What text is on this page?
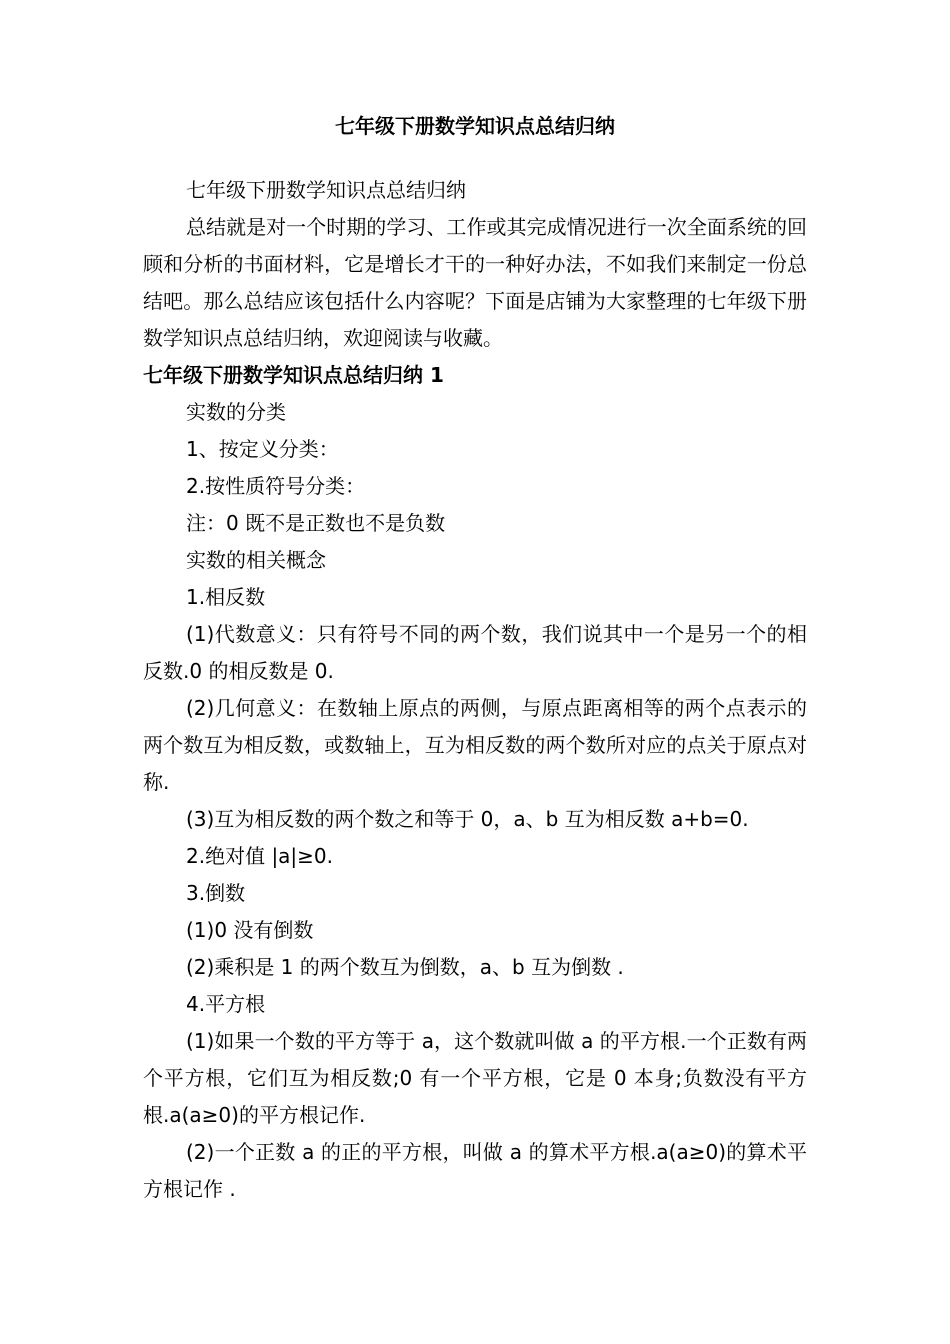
七年级下册数学知识点总结归纳

七年级下册数学知识点总结归纳

总结就是对一个时期的学习、工作或其完成情况进行一次全面系统的回顾和分析的书面材料，它是增长才干的一种好办法，不如我们来制定一份总结吧。那么总结应该包括什么内容呢？下面是店铺为大家整理的七年级下册数学知识点总结归纳，欢迎阅读与收藏。

七年级下册数学知识点总结归纳 1

实数的分类

1、按定义分类：

2.按性质符号分类：

注：0 既不是正数也不是负数

实数的相关概念

1.相反数

(1)代数意义：只有符号不同的两个数，我们说其中一个是另一个的相反数.0 的相反数是 0.

(2)几何意义：在数轴上原点的两侧，与原点距离相等的两个点表示的两个数互为相反数，或数轴上，互为相反数的两个数所对应的点关于原点对称.

(3)互为相反数的两个数之和等于 0，a、b 互为相反数 a+b=0.

2.绝对值 |a|≥0.

3.倒数

(1)0 没有倒数

(2)乘积是 1 的两个数互为倒数，a、b 互为倒数 .

4.平方根

(1)如果一个数的平方等于 a，这个数就叫做 a 的平方根.一个正数有两个平方根，它们互为相反数;0 有一个平方根，它是 0 本身;负数没有平方根.a(a≥0)的平方根记作.

(2)一个正数 a 的正的平方根，叫做 a 的算术平方根.a(a≥0)的算术平方根记作 .
